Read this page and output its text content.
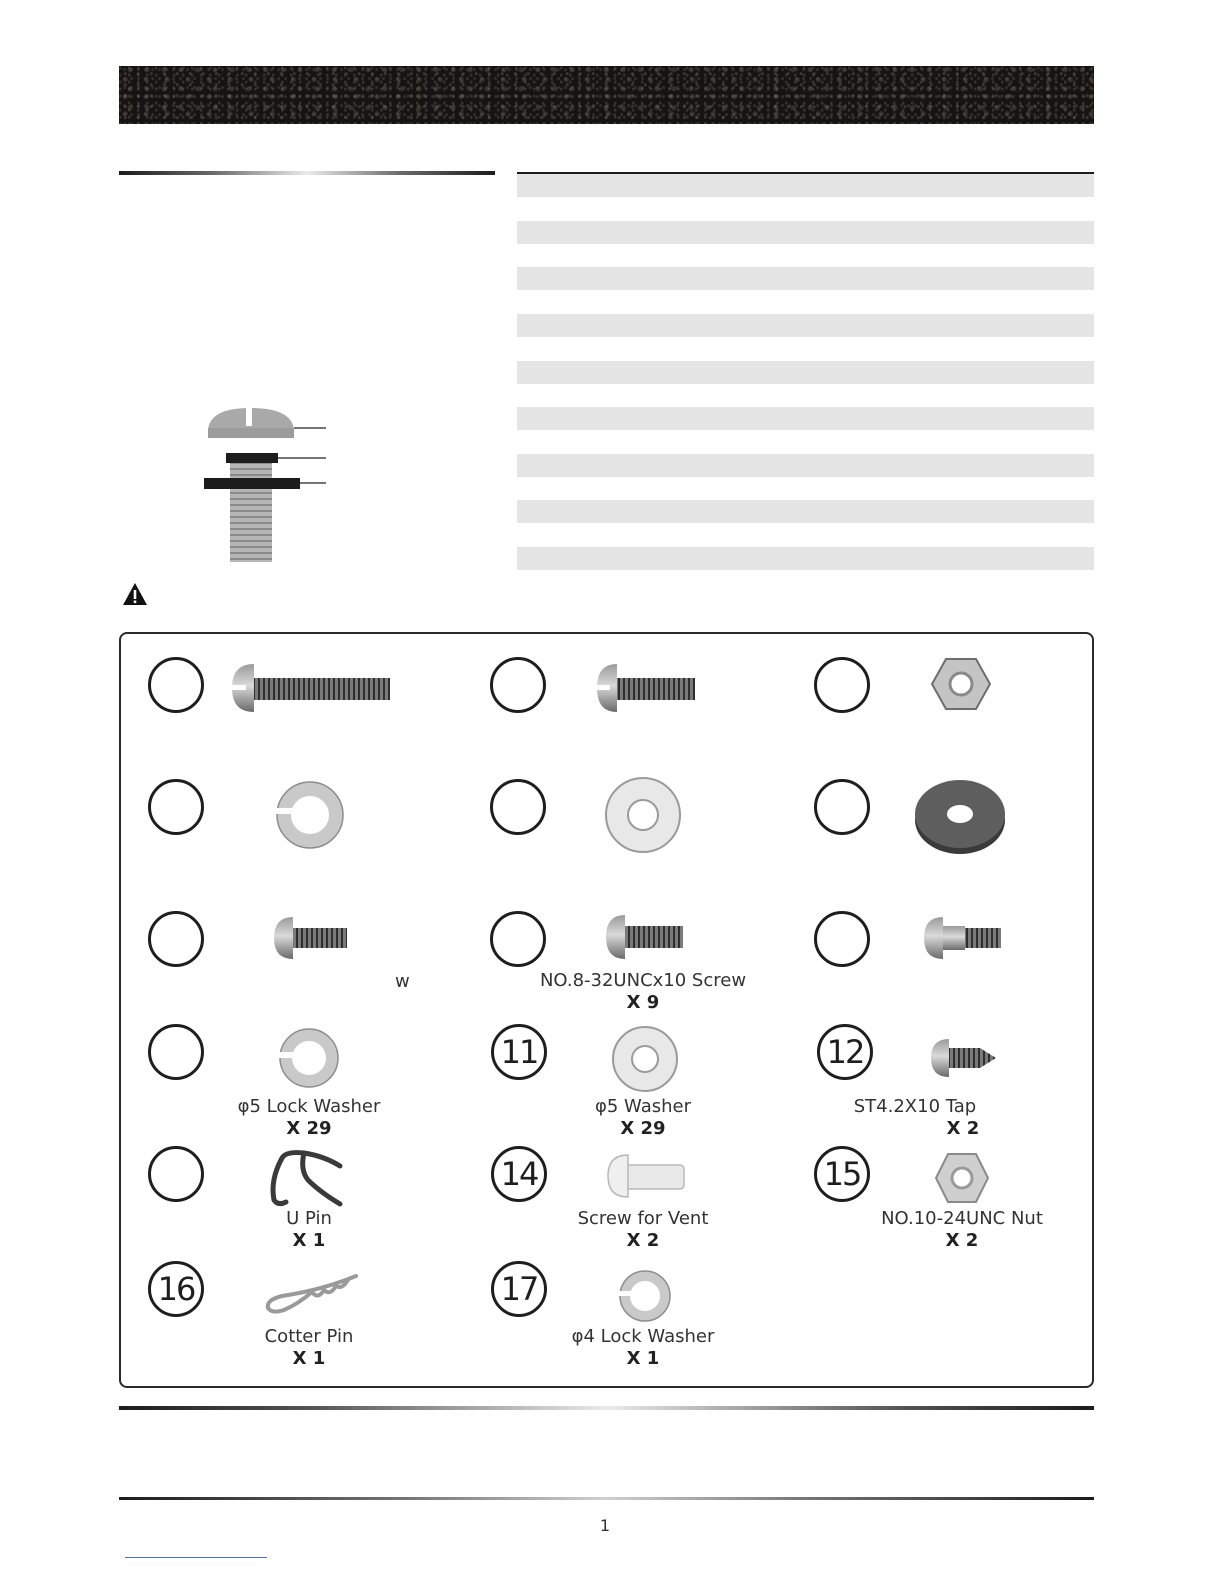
w	NO.8-32UNCx10 Screw
X 9
φ5 Lock Washer
X 29
11
φ5 Washer
X 29
12
ST4.2X10 Tap
X 2
U Pin
X 1
14
Screw for Vent
X 2
15
NO.10-24UNC Nut
X 2
16
Cotter Pin
X 1
17
φ4 Lock Washer
X 1
1
